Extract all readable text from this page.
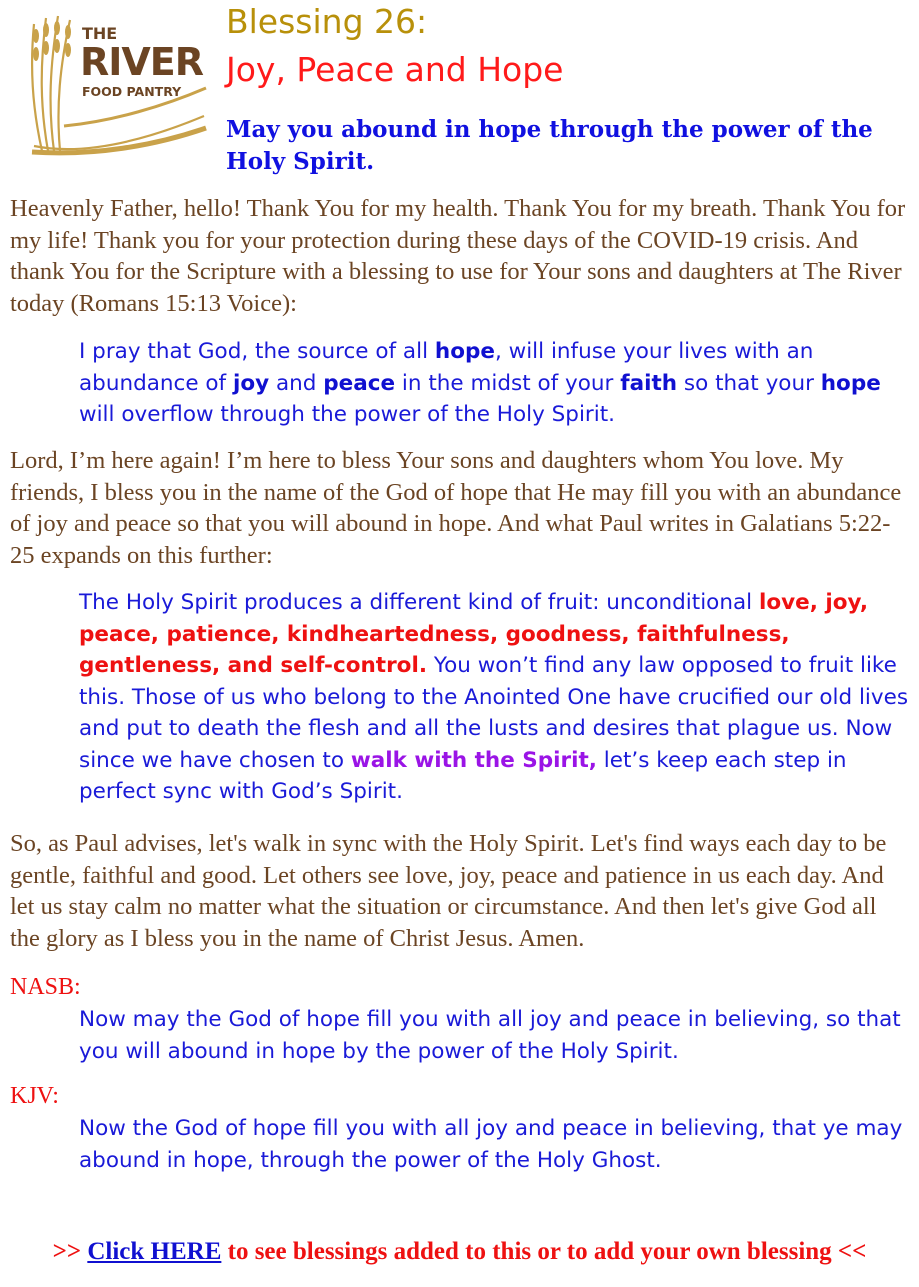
THE
RIVER
FOOD PANTRY
Blessing 26:
Joy, Peace and Hope
May you abound in hope through the power of the Holy Spirit.

Heavenly Father, hello! Thank You for my health. Thank You for my breath. Thank You for my life! Thank you for your protection during these days of the COVID-19 crisis. And thank You for the Scripture with a blessing to use for Your sons and daughters at The River today (Romans 15:13 Voice):

I pray that God, the source of all hope, will infuse your lives with an abundance of joy and peace in the midst of your faith so that your hope will overflow through the power of the Holy Spirit.

Lord, I’m here again! I’m here to bless Your sons and daughters whom You love. My friends, I bless you in the name of the God of hope that He may fill you with an abundance of joy and peace so that you will abound in hope. And what Paul writes in Galatians 5:22-25 expands on this further:

The Holy Spirit produces a different kind of fruit: unconditional love, joy, peace, patience, kindheartedness, goodness, faithfulness, gentleness, and self-control. You won’t find any law opposed to fruit like this. Those of us who belong to the Anointed One have crucified our old lives and put to death the flesh and all the lusts and desires that plague us. Now since we have chosen to walk with the Spirit, let’s keep each step in perfect sync with God’s Spirit.

So, as Paul advises, let's walk in sync with the Holy Spirit. Let's find ways each day to be gentle, faithful and good. Let others see love, joy, peace and patience in us each day. And let us stay calm no matter what the situation or circumstance. And then let's give God all the glory as I bless you in the name of Christ Jesus. Amen.

NASB:

Now may the God of hope fill you with all joy and peace in believing, so that you will abound in hope by the power of the Holy Spirit.

KJV:

Now the God of hope fill you with all joy and peace in believing, that ye may abound in hope, through the power of the Holy Ghost.

>> Click HERE to see blessings added to this or to add your own blessing <<
